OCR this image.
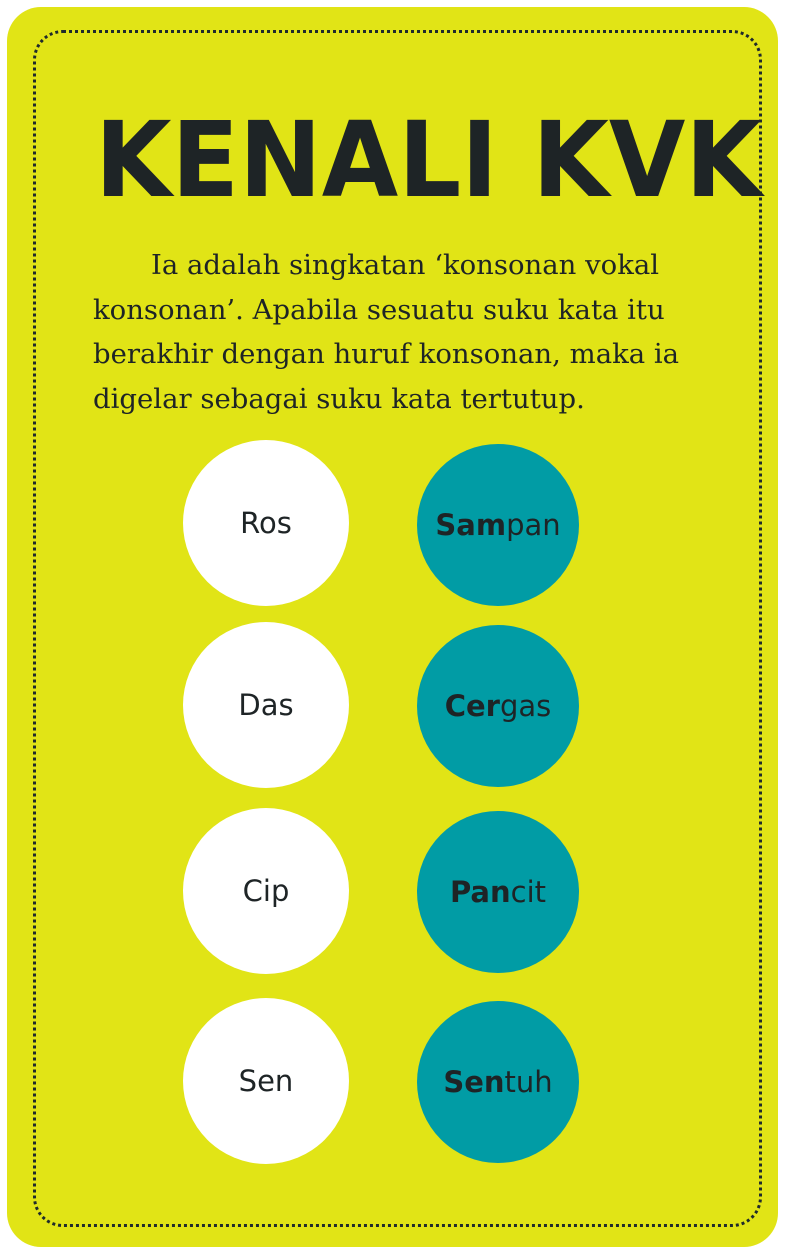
KENALI KVK

Ia adalah singkatan ‘konsonan vokal konsonan’. Apabila sesuatu suku kata itu berakhir dengan huruf konsonan, maka ia digelar sebagai suku kata tertutup.

Ros	Sampan
Das	Cergas
Cip	Pancit
Sen	Sentuh
